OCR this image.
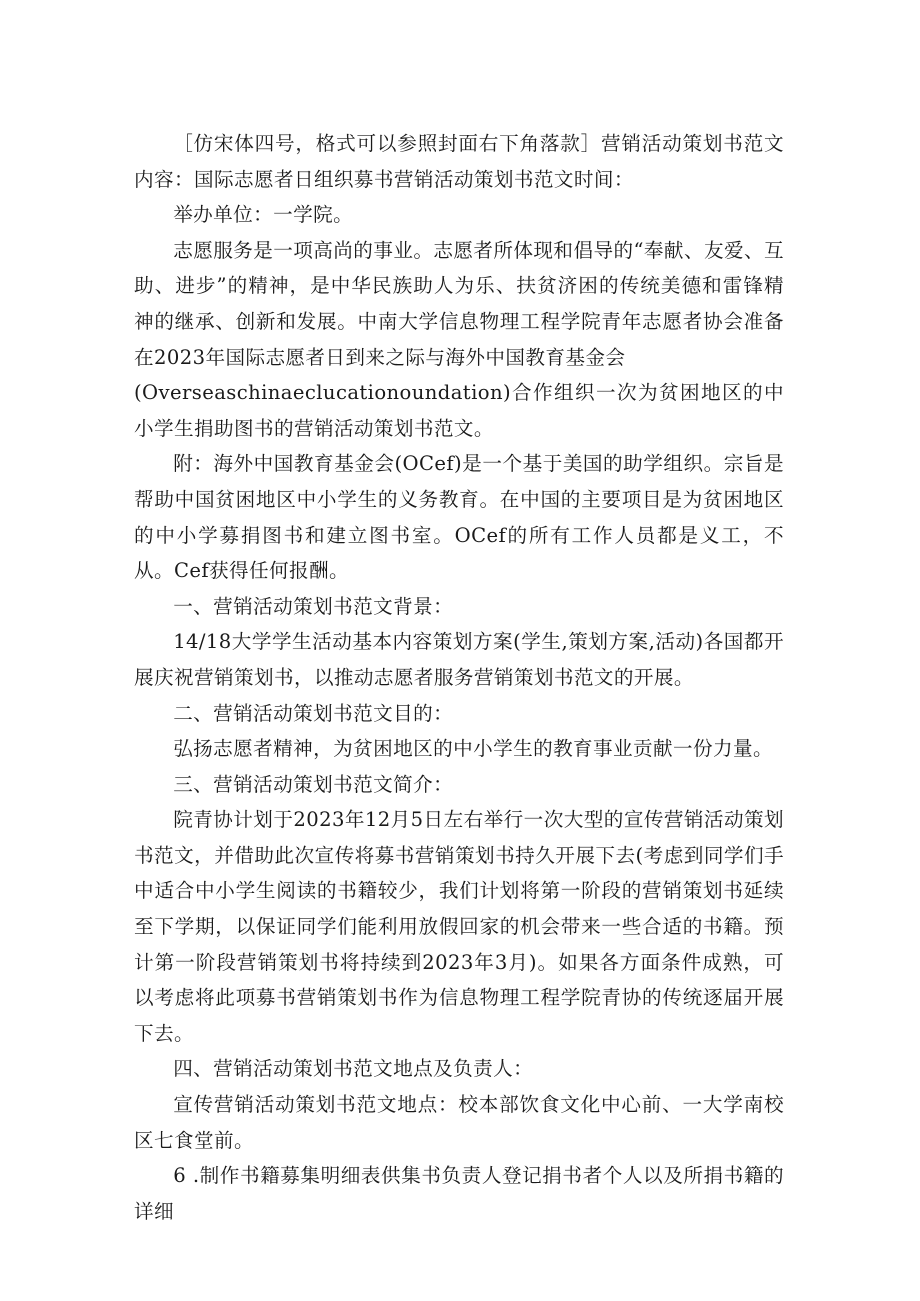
［仿宋体四号，格式可以参照封面右下角落款］营销活动策划书范文内容：国际志愿者日组织募书营销活动策划书范文时间：

举办单位：一学院。

志愿服务是一项高尚的事业。志愿者所体现和倡导的“奉献、友爱、互助、进步”的精神，是中华民族助人为乐、扶贫济困的传统美德和雷锋精神的继承、创新和发展。中南大学信息物理工程学院青年志愿者协会准备在2023年国际志愿者日到来之际与海外中国教育基金会

(Overseaschinaeclucationoundation)合作组织一次为贫困地区的中小学生捐助图书的营销活动策划书范文。

附：海外中国教育基金会(OCef)是一个基于美国的助学组织。宗旨是帮助中国贫困地区中小学生的义务教育。在中国的主要项目是为贫困地区的中小学募捐图书和建立图书室。OCef的所有工作人员都是义工，不从。Cef获得任何报酬。

一、营销活动策划书范文背景：

14/18大学学生活动基本内容策划方案(学生,策划方案,活动)各国都开展庆祝营销策划书，以推动志愿者服务营销策划书范文的开展。

二、营销活动策划书范文目的：

弘扬志愿者精神，为贫困地区的中小学生的教育事业贡献一份力量。

三、营销活动策划书范文简介：

院青协计划于2023年12月5日左右举行一次大型的宣传营销活动策划书范文，并借助此次宣传将募书营销策划书持久开展下去(考虑到同学们手中适合中小学生阅读的书籍较少，我们计划将第一阶段的营销策划书延续至下学期，以保证同学们能利用放假回家的机会带来一些合适的书籍。预计第一阶段营销策划书将持续到2023年3月)。如果各方面条件成熟，可以考虑将此项募书营销策划书作为信息物理工程学院青协的传统逐届开展下去。

四、营销活动策划书范文地点及负责人：

宣传营销活动策划书范文地点：校本部饮食文化中心前、一大学南校区七食堂前。

6 .制作书籍募集明细表供集书负责人登记捐书者个人以及所捐书籍的详细
